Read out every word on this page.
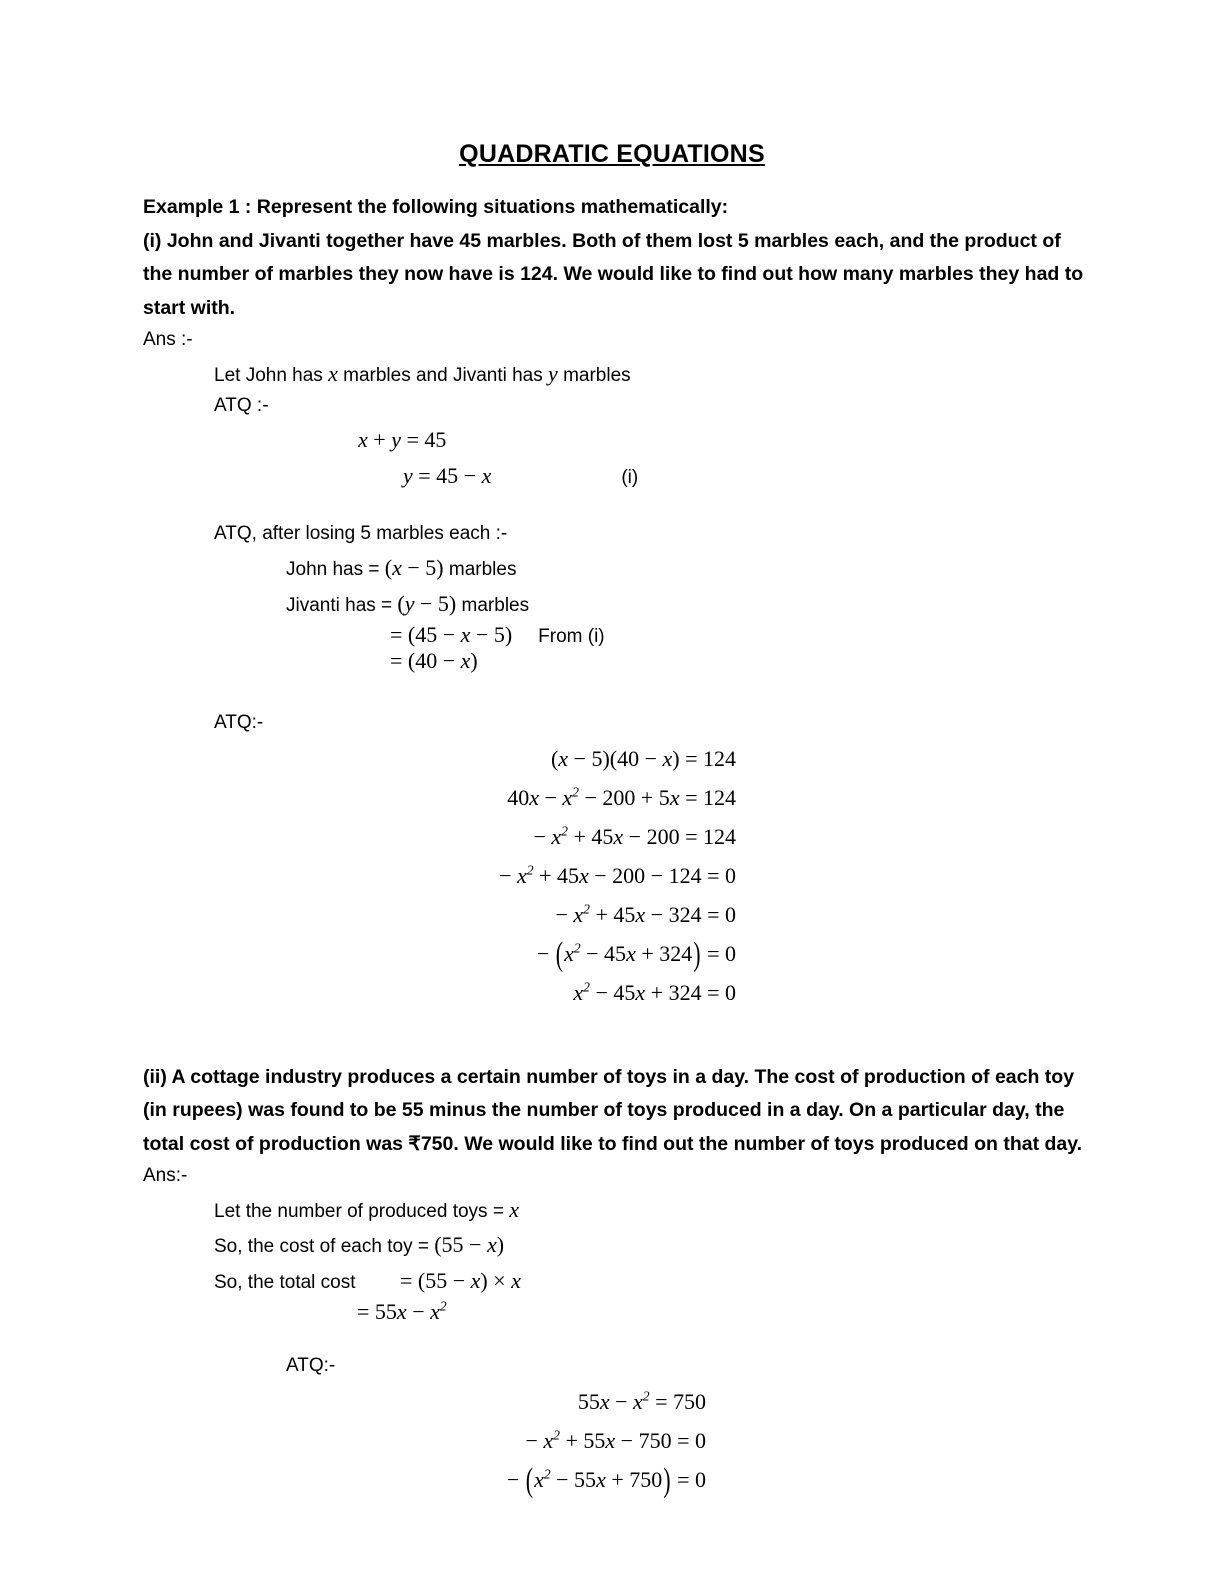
QUADRATIC EQUATIONS

Example 1 : Represent the following situations mathematically:

(i) John and Jivanti together have 45 marbles. Both of them lost 5 marbles each, and the product of the number of marbles they now have is 124. We would like to find out how many marbles they had to start with.

Ans :-

Let John has x marbles and Jivanti has y marbles
ATQ :-
x + y = 45
y = 45 − x	(i)
ATQ, after losing 5 marbles each :-
John has = (x − 5) marbles
Jivanti has = (y − 5) marbles
= (45 − x − 5) From (i)
= (40 − x)
ATQ:-
(x − 5)(40 − x) = 124
$40x - x^2 - 200 + 5x = 124$
− $x^2 + 45x - 200 = 124$
− $x^2 + 45x - 200 - 124 = 0$
− $x^2 + 45x - 324 = 0$
− $(x^2 - 45x + 324) = 0$
$x^2 - 45x + 324 = 0$

(ii) A cottage industry produces a certain number of toys in a day. The cost of production of each toy (in rupees) was found to be 55 minus the number of toys produced in a day. On a particular day, the total cost of production was ₹750. We would like to find out the number of toys produced on that day.

Ans:-

Let the number of produced toys = x
So, the cost of each toy = (55 − x)
So, the total cost = (55 − x) × x
= $55x - x^2$
ATQ:-
$55x - x^2 = 750$
− $x^2 + 55x - 750 = 0$
− $(x^2 - 55x + 750) = 0$
